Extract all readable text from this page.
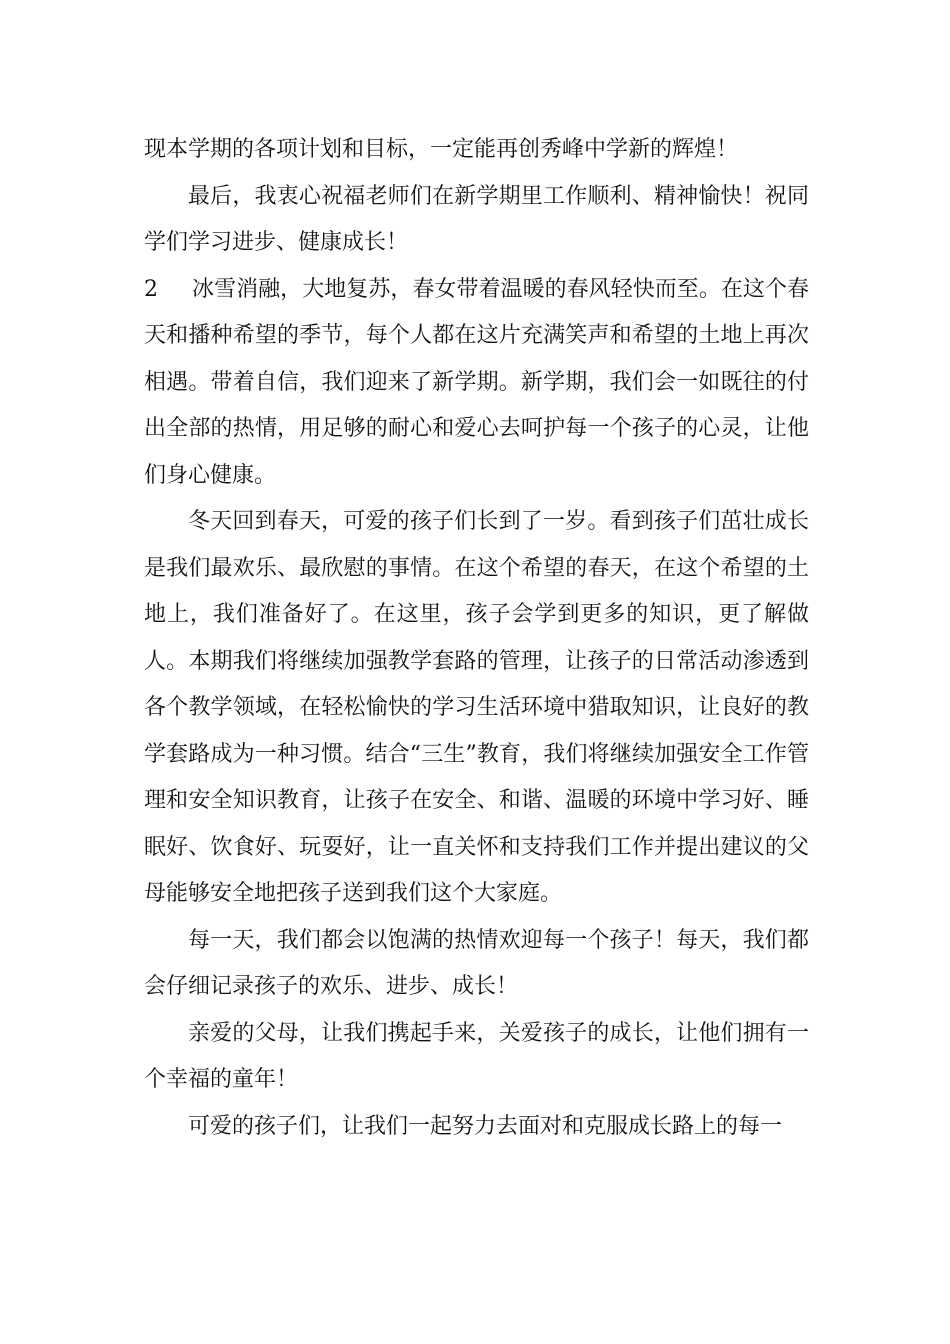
现本学期的各项计划和目标，一定能再创秀峰中学新的辉煌！

最后，我衷心祝福老师们在新学期里工作顺利、精神愉快！祝同学们学习进步、健康成长！

2 冰雪消融，大地复苏，春女带着温暖的春风轻快而至。在这个春天和播种希望的季节，每个人都在这片充满笑声和希望的土地上再次相遇。带着自信，我们迎来了新学期。新学期，我们会一如既往的付出全部的热情，用足够的耐心和爱心去呵护每一个孩子的心灵，让他们身心健康。

冬天回到春天，可爱的孩子们长到了一岁。看到孩子们茁壮成长是我们最欢乐、最欣慰的事情。在这个希望的春天，在这个希望的土地上，我们准备好了。在这里，孩子会学到更多的知识，更了解做人。本期我们将继续加强教学套路的管理，让孩子的日常活动渗透到各个教学领域，在轻松愉快的学习生活环境中猎取知识，让良好的教学套路成为一种习惯。结合“三生”教育，我们将继续加强安全工作管理和安全知识教育，让孩子在安全、和谐、温暖的环境中学习好、睡眠好、饮食好、玩耍好，让一直关怀和支持我们工作并提出建议的父母能够安全地把孩子送到我们这个大家庭。

每一天，我们都会以饱满的热情欢迎每一个孩子！每天，我们都会仔细记录孩子的欢乐、进步、成长！

亲爱的父母，让我们携起手来，关爱孩子的成长，让他们拥有一个幸福的童年！

可爱的孩子们，让我们一起努力去面对和克服成长路上的每一
